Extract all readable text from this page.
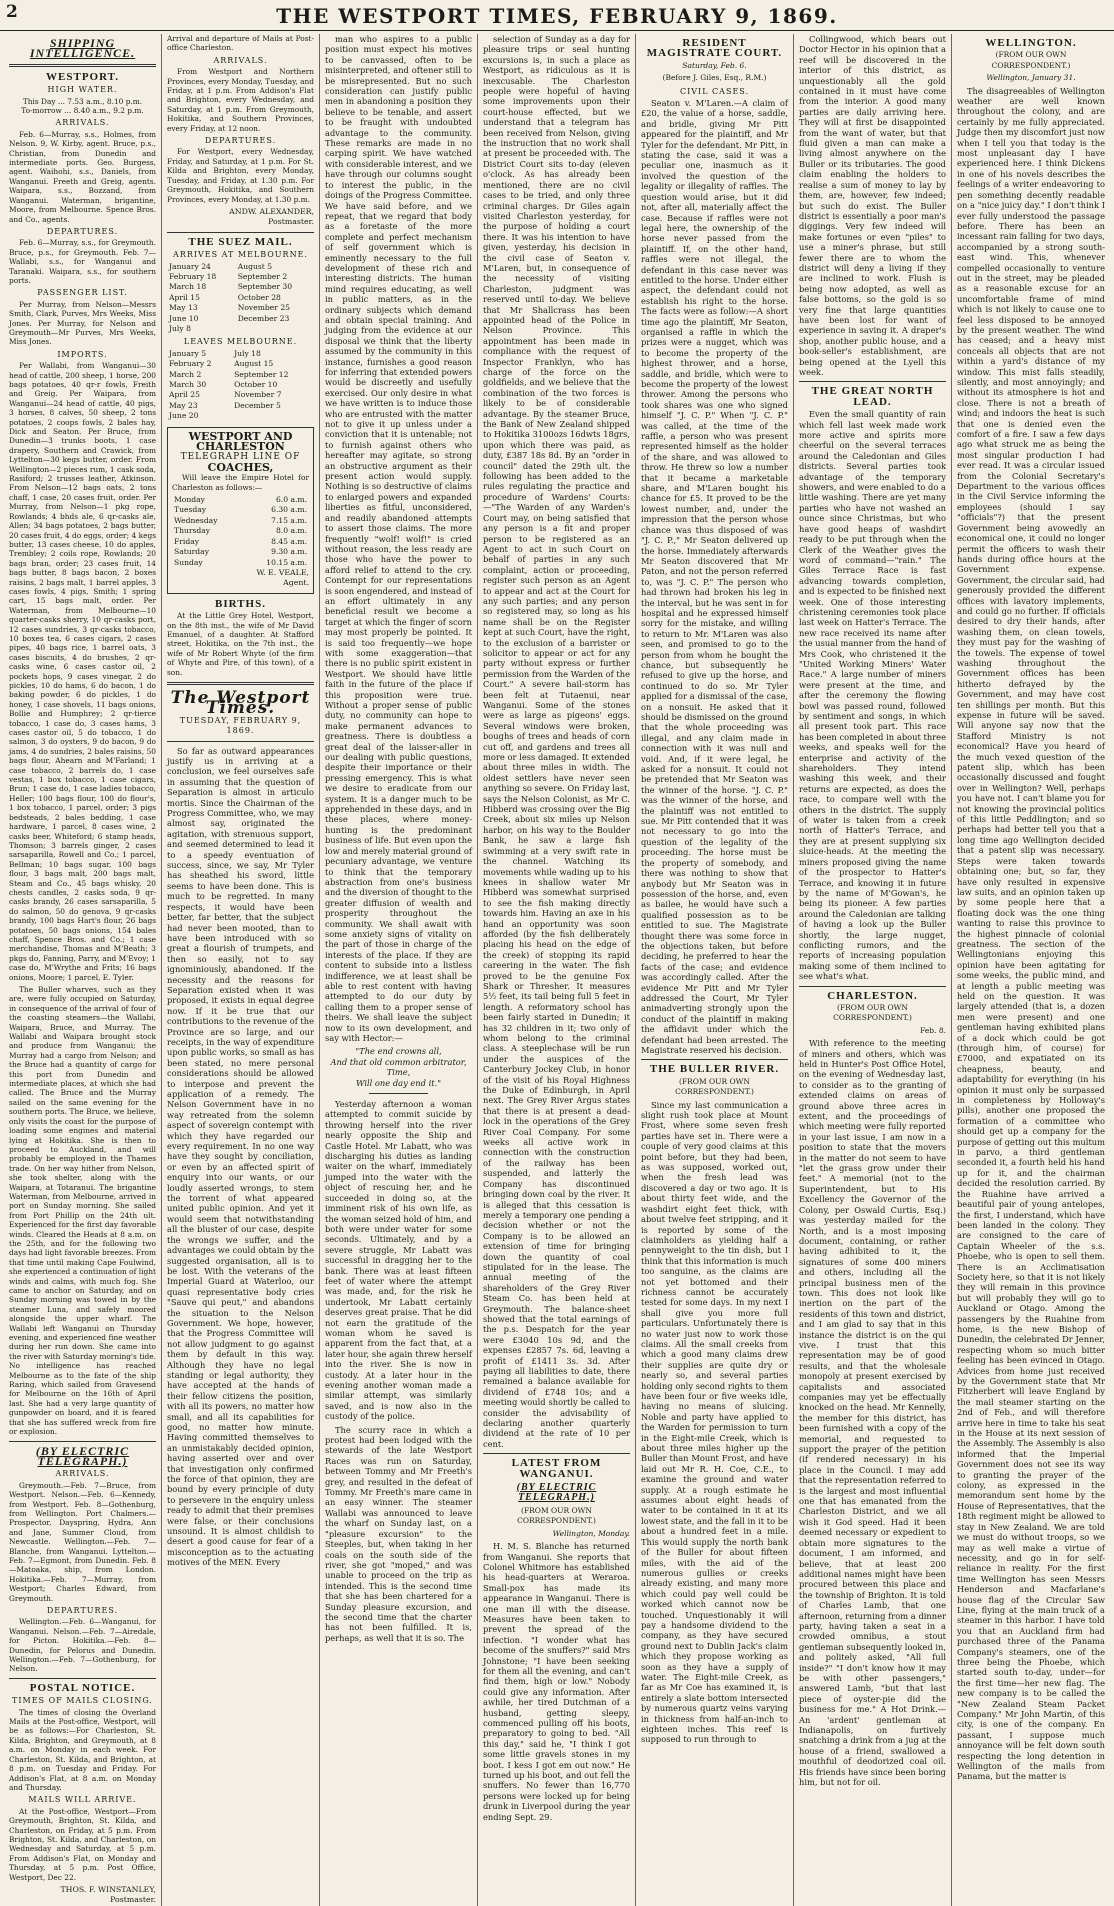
2	THE WESTPORT TIMES, FEBRUARY 9, 1869.
SHIPPING INTELLIGENCE.
WESTPORT.
HIGH WATER.
This Day ... 7.53 a.m., 8.10 p.m.
To-morrow ... 8.40 a.m., 9.2 p.m.
ARRIVALS.

Feb. 6—Murray, s.s., Holmes, from Nelson. 9, W. Kirby, agent. Bruce, p.s., Christian, from Dunedin and intermediate ports. Geo. Burgess, agent. Waihohi, s.s., Daniels, from Wanganui. Freeth and Greig, agents. Waipara, s.s., Bozzand, from Wanganui. Waterman, brigantine, Moore, from Melbourne. Spence Bros. and Co., agents.

DEPARTURES.

Feb. 6—Murray, s.s., for Greymouth. Bruce, p.s., for Greymouth. Feb. 7—Wallabi, s.s., for Wanganui and Taranaki. Waipara, s.s., for southern ports.

PASSENGER LIST.

Per Murray, from Nelson—Messrs Smith, Clark, Purves, Mrs Weeks, Miss Jones. Per Murray, for Nelson and Greymouth—Mr Purves, Mrs Weeks, Miss Jones.

IMPORTS.

Per Wallabi, from Wanganui—30 head of cattle, 200 sheep, 1 horse, 200 bags potatoes, 40 qr-r fowls, Freith and Greig. Per Waipara, from Wanganui—24 head of cattle, 40 pigs, 3 horses, 8 calves, 50 sheep, 2 tons potatoes, 2 coops fowls, 2 bales hay, Dick and Seaton. Per Bruce, from Dunedin—3 trunks boots, 1 case drapery, Southern and Crawick, from Lyttelton—30 kegs butter, order. From Wellington—2 pieces rum, 1 cask soda, Rasiford; 2 trusses leather, Atkinson. From Nelson—12 bags oats, 2 tons chaff, 1 case, 20 cases fruit, order. Per Murray, from Nelson—1 pkg rope, Rowlands; 4 bhds ale, 6 qr-casks ale, Allen; 34 bags potatoes, 2 bags butter, 20 cases fruit, 4 do eggs, order; 4 kegs butter, 13 cases cheese, 10 do apples, Trembley; 2 coils rope, Rowlands; 20 bags bran, order; 23 cases fruit, 14 bags butter, 8 bags bacon, 2 boxes raisins, 2 bags malt, 1 barrel apples, 3 cases fowls, 4 pigs, Smith; 1 spring cart, 15 bags malt, order. Per Waterman, from Melbourne—10 quarter-casks sherry, 10 qr-casks port, 12 cases sundries, 3 qr-casks tobacco, 10 boxes tea, 6 cases cigars, 2 cases pipes, 40 bags rice, 1 barrel oats, 3 cases biscuits, 4 do brushes, 2 qr-casks wine, 6 cases castor oil, 2 pockets hops, 9 cases vinegar, 2 do pickles, 10 do hams, 6 do bacon, 1 do baking powder, 6 do pickles, 1 do honey, 1 case shovels, 11 bags onions, Bollie and Humphrey; 2 qr-tierce tobacco, 1 case do, 3 cases hams, 3 cases castor oil, 5 do tobacco, 1 do salmon, 3 do oysters, 9 do bacon, 9 do jams, 4 do sundries, 2 bales raisins, 50 bags flour, Ahearn and M'Farland; 1 case tobacco, 2 barrels do, 1 case vestas, 1 box tobacco, 1 case cigars, Brun; 1 case do, 1 case ladies tobacco, Heller; 100 bags flour, 100 do flour's, 1 box tobacco, 1 parcel, order; 3 pigs bedsteads, 2 bales bedding, 1 case hardware, 1 parcel, 8 cases wine, 2 casks beer, Whiteford; 6 stamp heads, Thomson; 3 barrels ginger, 2 cases sarsaparilla, Rowell and Co.; 1 parcel, Bellman; 10 bags sugar, 100 bags flour, 3 bags malt, 200 bags malt, Steam and Co., 45 bags whisky, 20 chests candles, 2 casks soda, 9 qr-casks brandy, 26 cases sarsaparilla, 5 do salmon, 50 do genova, 9 qr-casks brandy, 100 bags Hart's flour, 26 bags potatoes, 50 bags onions, 154 bales chaff, Spence Bros. and Co.; 1 case merchandise, Thomas and M'Beath; 3 pkgs do, Fanning, Parry, and M'Evoy; 1 case do, M'Wrythe and Frits; 16 bags onions, Moore; 1 parcel, E. Tyler.

The Buller wharves, such as they are, were fully occupied on Saturday, in consequence of the arrival of four of the coasting steamers—the Wallabi, Waipara, Bruce, and Murray. The Wallabi and Waipara brought stock and produce from Wanganui; the Murray had a cargo from Nelson; and the Bruce had a quantity of cargo for this port from Dunedin and intermediate places, at which she had called. The Bruce and the Murray sailed on the same evening for the southern ports. The Bruce, we believe, only visits the coast for the purpose of loading some engines and material lying at Hokitika. She is then to proceed to Auckland, and will probably be employed in the Thames trade. On her way hither from Nelson, she took shelter, along with the Waipara, at Totaranui. The brigantine Waterman, from Melbourne, arrived in port on Sunday morning. She sailed from Port Phillip on the 24th ult. Experienced for the first day favorable winds. Cleared the Heads at 8 a.m. on the 25th, and for the following two days had light favorable breezes. From that time until making Cape Foulwind, she experienced a continuation of light winds and calms, with much fog. She came to anchor on Saturday, and on Sunday morning was towed in by the steamer Luna, and safely moored alongside the upper wharf. The Wallabi left Wanganui on Thursday evening, and experienced fine weather during her run down. She came into the river with Saturday morning's tide. No intelligence has reached Melbourne as to the fate of the ship Raring, which sailed from Gravesend for Melbourne on the 16th of April last. She had a very large quantity of gunpowder on board, and it is feared that she has suffered wreck from fire or explosion.

(BY ELECTRIC TELEGRAPH.)
ARRIVALS.

Greymouth.—Feb. 7—Bruce, from Westport. Nelson.—Feb. 6—Kennedy, from Westport. Feb. 8—Gothenburg, from Wellington. Port Chalmers.—Prospector, Dayspring, Hydra, Ann and Jane, Summer Cloud, from Newcastle. Wellington.—Feb. 7—Blanche, from Wanganui. Lyttelton.—Feb. 7—Egmont, from Dunedin. Feb. 8—Matoaka, ship, from London. Hokitika.—Feb. 7—Murray, from Westport; Charles Edward, from Greymouth.

DEPARTURES.

Wellington.—Feb. 6—Wanganui, for Wanganui. Nelson.—Feb. 7—Airedale, for Picton. Hokitika.—Feb. 8—Dunedin, for Pelorus and Dunedin. Wellington.—Feb. 7—Gothenburg, for Nelson.

POSTAL NOTICE.
TIMES OF MAILS CLOSING.

The times of closing the Overland Mails at the Post-office, Westport, will be as follows:—For Charleston, St. Kilda, Brighton, and Greymouth, at 8 a.m. on Monday in each week. For Charleston, St. Kilda, and Brighton, at 8 p.m. on Tuesday and Friday. For Addison's Flat, at 8 a.m. on Monday and Thursday.

MAILS WILL ARRIVE.

At the Post-office, Westport—From Greymouth, Brighton, St. Kilda, and Charleston, on Friday, at 5 p.m. From Brighton, St. Kilda, and Charleston, on Wednesday and Saturday, at 5 p.m. From Addison's Flat, on Monday and Thursday, at 5 p.m. Post Office, Westport, Dec 22.

THOS. F. WINSTANLEY,
Postmaster.

Arrival and departure of Mails at Post-office Charleston.

ARRIVALS.

From Westport and Northern Provinces, every Monday, Tuesday, and Friday, at 1 p.m. From Addison's Flat and Brighton, every Wednesday, and Saturday, at 1 p.m. From Greymouth, Hokitika, and Southern Provinces, every Friday, at 12 noon.

DEPARTURES.

For Westport, every Wednesday, Friday, and Saturday, at 1 p.m. For St. Kilda and Brighton, every Monday, Tuesday, and Friday, at 1.30 p.m. For Greymouth, Hokitika, and Southern Provinces, every Monday, at 1.30 p.m.

ANDW. ALEXANDER,
Postmaster.
THE SUEZ MAIL.
ARRIVES AT MELBOURNE.
January 24	August 5
February 18	September 2
March 18	September 30
April 15	October 28
May 13	November 25
June 10	December 23
July 8	
LEAVES MELBOURNE.
January 5	July 18
February 2	August 15
March 2	September 12
March 30	October 10
April 25	November 7
May 23	December 5
June 20	
WESTPORT AND CHARLESTON
TELEGRAPH LINE OF
COACHES,

Will leave the Empire Hotel for Charleston as follows:—

Monday	6.0 a.m.
Tuesday	6.30 a.m.
Wednesday	7.15 a.m.
Thursday	8.0 a.m.
Friday	8.45 a.m.
Saturday	9.30 a.m.
Sunday	10.15 a.m.
W. E. VEALE,
Agent.
BIRTHS.

At the Little Grey Hotel, Westport, on the 8th inst., the wife of Mr David Emanuel, of a daughter. At Stafford street, Hokitika, on the 7th inst., the wife of Mr Robert Whyte (of the firm of Whyte and Pire, of this town), of a son.

The Westport Times.
TUESDAY, FEBRUARY 9, 1869.

So far as outward appearances justify us in arriving at a conclusion, we feel ourselves safe in assuming that the question of Separation is almost in articulo mortis. Since the Chairman of the Progress Committee, who, we may almost say, originated the agitation, with strenuous support, and seemed determined to lead it to a speedy eventuation of success, since, we say, Mr Tyler has sheathed his sword, little seems to have been done. This is much to be regretted. In many respects, it would have been better, far better, that the subject had never been mooted, than to have been introduced with so great a flourish of trumpets, and then so easily, not to say ignominiously, abandoned. If the necessity and the reasons for Separation existed when it was proposed, it exists in equal degree now. If it be true that our contributions to the revenue of the Province are so large, and our receipts, in the way of expenditure upon public works, so small as has been stated, no mere personal considerations should be allowed to interpose and prevent the application of a remedy. The Nelson Government have in no way retreated from the solemn aspect of sovereign contempt with which they have regarded our every requirement. In no one way have they sought by conciliation, or even by an affected spirit of enquiry into our wants, or our loudly asserted wrongs, to stem the torrent of what appeared united public opinion. And yet it would seem that notwithstanding all the bluster of our case, despite the wrongs we suffer, and the advantages we could obtain by the suggested organisation, all is to be lost. With the veterans of the Imperial Guard at Waterloo, our quasi representative body cries "Sauve qui peut," and abandons the situation to the Nelson Government. We hope, however, that the Progress Committee will not allow judgment to go against them by default in this way. Although they have no legal standing or legal authority, they have accepted at the hands of their fellow citizens the position, with all its powers, no matter how small, and all its capabilities for good, no matter how minute. Having committed themselves to an unmistakably decided opinion, having asserted over and over that investigation only confirmed the force of that opinion, they are bound by every principle of duty to persevere in the enquiry unless ready to admit that their premises were false, or their conclusions unsound. It is almost childish to desert a good cause for fear of a misconception as to the actuating motives of the MEN. Every

man who aspires to a public position must expect his motives to be canvassed, often to be misinterpreted, and oftener still to be misrepresented. But no such consideration can justify public men in abandoning a position they believe to be tenable, and assert to be fraught with undoubted advantage to the community. These remarks are made in no carping spirit. We have watched with considerable interest, and we have through our columns sought to interest the public, in the doings of the Progress Committee. We have said before, and we repeat, that we regard that body as a foretaste of the more complete and perfect mechanism of self government which is eminently necessary to the full development of these rich and interesting districts. The human mind requires educating, as well in public matters, as in the ordinary subjects which demand and obtain special training. And judging from the evidence at our disposal we think that the liberty assumed by the community in this instance, furnishes a good reason for inferring that extended powers would be discreetly and usefully exercised. Our only desire in what we have written is to induce those who are entrusted with the matter not to give it up unless under a conviction that it is untenable; not to furnish against others who hereafter may agitate, so strong an obstructive argument as their present action would supply. Nothing is so destructive of claims to enlarged powers and expanded liberties as fitful, unconsidered, and readily abandoned attempts to assert those claims. The more frequently "wolf! wolf!" is cried without reason, the less ready are those who have the power to afford relief to attend to the cry. Contempt for our representations is soon engendered, and instead of an effort ultimately in any beneficial result we become a target at which the finger of scorn may most properly be pointed. It is said too frequently—we hope with some exaggeration—that there is no public spirit existent in Westport. We should have little faith in the future of the place if this proposition were true. Without a proper sense of public duty, no community can hope to make permanent advances to greatness. There is doubtless a great deal of the laisser-aller in our dealing with public questions, despite their importance or their pressing emergency. This is what we desire to eradicate from our system. It is a danger much to be apprehended in these days, and in these places, where money-hunting is the predominant business of life. But even upon the low and merely material ground of pecuniary advantage, we venture to think that the temporary abstraction from one's business and the diversion of thought to the greater diffusion of wealth and prosperity throughout the community. We shall await with some anxiety signs of vitality on the part of those in charge of the interests of the place. If they are content to subside into a listless indifference, we at least shall be able to rest content with having attempted to do our duty by calling them to a proper sense of theirs. We shall leave the subject now to its own development, and say with Hector:—

"The end crowns all,
And that old common arbitrator, Time,
Will one day end it."

Yesterday afternoon a woman attempted to commit suicide by throwing herself into the river nearly opposite the Ship and Castle Hotel. Mr Labatt, who was discharging his duties as landing waiter on the wharf, immediately jumped into the water with the object of rescuing her, and he succeeded in doing so, at the imminent risk of his own life, as the woman seized hold of him, and both were under water for some seconds. Ultimately, and by a severe struggle, Mr Labatt was successful in dragging her to the bank. There was at least fifteen feet of water where the attempt was made, and, for the risk he undertook, Mr Labatt certainly deserves great praise. That he did not earn the gratitude of the woman whom he saved is apparent from the fact that, at a later hour, she again threw herself into the river. She is now in custody. At a later hour in the evening another woman made a similar attempt, was similarly saved, and is now also in the custody of the police.

The scurry race in which a protest had been lodged with the stewards of the late Westport Races was run on Saturday, between Tommy and Mr Freeth's grey, and resulted in the defeat of Tommy. Mr Freeth's mare came in an easy winner. The steamer Wallabi was announced to leave the wharf on Sunday last, on a "pleasure excursion" to the Steeples, but, when taking in her coals on the south side of the river, she got "moped," and was unable to proceed on the trip as intended. This is the second time that she has been chartered for a Sunday pleasure excursion, and the second time that the charter has not been fulfilled. It is, perhaps, as well that it is so. The

selection of Sunday as a day for pleasure trips or seal hunting excursions is, in such a place as Westport, as ridiculous as it is inexcusable. The Charleston people were hopeful of having some improvements upon their court-house effected, but we understand that a telegram has been received from Nelson, giving the instruction that no work shall at present be proceeded with. The District Court sits to-day (eleven o'clock. As has already been mentioned, there are no civil cases to be tried, and only three criminal charges. Dr Giles again visited Charleston yesterday, for the purpose of holding a court there. It was his intention to have given, yesterday, his decision in the civil case of Seaton v. M'Laren, but, in consequence of the necessity of visiting Charleston, judgment was reserved until to-day. We believe that Mr Shallcrass has been appointed head of the Police in Nelson Province. This appointment has been made in compliance with the request of Inspector Franklyn, who has charge of the force on the goldfields, and we believe that the combination of the two forces is likely to be of considerable advantage. By the steamer Bruce, the Bank of New Zealand shipped to Hokitika 3100ozs 16dwts 18grs, upon which there was paid, as duty, £387 18s 8d. By an "order in council" dated the 29th ult. the following has been added to the rules regulating the practice and procedure of Wardens' Courts:—"The Warden of any Warden's Court may, on being satisfied that any person is a fit and proper person to be registered as an Agent to act in such Court on behalf of parties in any such complaint, action or proceeding, register such person as an Agent to appear and act at the Court for any such parties; and any person so registered may, so long as his name shall be on the Register kept at such Court, have the right, to the exclusion of a barrister or solicitor to appear or act for any party without express or further permission from the Warden of the Court." A severe hail-storm has been felt at Tutaenui, near Wanganui. Some of the stones were as large as pigeons' eggs. Several windows were broken, boughs of trees and heads of corn cut off, and gardens and trees all more or less damaged. It extended about three miles in width. The oldest settlers have never seen anything so severe. On Friday last, says the Nelson Colonist, as Mr C. Hibberd was crossing over the Big Creek, about six miles up Nelson harbor, on his way to the Boulder Bank, he saw a large fish swimming at a very swift rate in the channel. Watching its movements while wading up to his knees in shallow water Mr Hibberd was somewhat surprised to see the fish making directly towards him. Having an axe in his hand an opportunity was soon afforded (by the fish deliberately placing his head on the edge of the creek) of stopping its rapid careering in the water. The fish proved to be the genuine Fox Shark or Thresher. It measures 5½ feet, its tail being full 5 feet in length. A reformatory school has been fairly started in Dunedin; it has 32 children in it; two only of whom belong to the criminal class. A steeplechase will be run under the auspices of the Canterbury Jockey Club, in honor of the visit of his Royal Highness the Duke of Edinburgh, in April next. The Grey River Argus states that there is at present a dead-lock in the operations of the Grey River Coal Company. For some weeks all active work in connection with the construction of the railway has been suspended, and latterly the Company has discontinued bringing down coal by the river. It is alleged that this cessation is merely a temporary one pending a decision whether or not the Company is to be allowed an extension of time for bringing down the quantity of coal stipulated for in the lease. The annual meeting of the shareholders of the Grey River Steam Co. has been held at Greymouth. The balance-sheet showed that the total earnings of the p.s. Despatch for the year were £3040 10s 9d, and the expenses £2857 7s. 6d, leaving a profit of £1411 3s. 3d. After paying all liabilities to date, there remained a balance available for dividend of £748 10s; and a meeting would shortly be called to consider the advisability of declaring another quarterly dividend at the rate of 10 per cent.

LATEST FROM WANGANUI.
(BY ELECTRIC TELEGRAPH.)
(FROM OUR OWN CORRESPONDENT.)
Wellington, Monday.

H. M. S. Blanche has returned from Wanganui. She reports that Colonel Whitmore has established his head-quarters at Weraroa. Small-pox has made its appearance in Wanganui. There is one man ill with the disease. Measures have been taken to prevent the spread of the infection. "I wonder what has become of the snuffers?" said Mrs Johnstone; "I have been seeking for them all the evening, and can't find them, high or low." Nobody could give any information. After awhile, her tired Dutchman of a husband, getting sleepy, commenced pulling off his boots, preparatory to going to bed. "All this day," said he, "I think I got some little gravels stones in my boot. I kess I got em out now." He turned up his boot, and out fell the snuffers. No fewer than 16,770 persons were locked up for being drunk in Liverpool during the year ending Sept. 29.

RESIDENT MAGISTRATE COURT.
Saturday, Feb. 6.
(Before J. Giles, Esq., R.M.)
CIVIL CASES.

Seaton v. M'Laren.—A claim of £20, the value of a horse, saddle, and bridle, giving Mr Pitt appeared for the plaintiff, and Mr Tyler for the defendant. Mr Pitt, in stating the case, said it was a peculiar one, inasmuch as it involved the question of the legality or illegality of raffles. The question would arise, but it did not, after all, materially affect the case. Because if raffles were not legal here, the ownership of the horse never passed from the plaintiff. If, on the other hand, raffles were not illegal, the defendant in this case never was entitled to the horse. Under either aspect, the defendant could not establish his right to the horse. The facts were as follow:—A short time ago the plaintiff, Mr Seaton, organised a raffle in which the prizes were a nugget, which was to become the property of the highest thrower, and a horse, saddle, and bridle, which were to become the property of the lowest thrower. Among the persons who took shares was one who signed himself "J. C. P." When "J. C. P." was called, at the time of the raffle, a person who was present represented himself as the holder of the share, and was allowed to throw. He threw so low a number that it became a marketable share, and M'Laren bought his chance for £5. It proved to be the lowest number, and, under the impression that the person whose chance was thus disposed of was "J. C. P.," Mr Seaton delivered up the horse. Immediately afterwards Mr Seaton discovered that Mr Paton, and not the person referred to, was "J. C. P." The person who had thrown had broken his leg in the interval, but he was sent in for hospital and he expressed himself sorry for the mistake, and willing to return to Mr. M'Laren was also seen, and promised to go to the person from whom he bought the chance, but subsequently he refused to give up the horse, and continued to do so. Mr Tyler applied for a dismissal of the case, on a nonsuit. He asked that it should be dismissed on the ground that the whole proceeding was illegal, and any claim made in connection with it was null and void. And, if it were legal, he asked for a nonsuit. It could not be pretended that Mr Seaton was the winner of the horse. "J. C. P." was the winner of the horse, and the plaintiff was not entitled to sue. Mr Pitt contended that it was not necessary to go into the question of the legality of the proceeding. The horse must be the property of somebody, and there was nothing to show that anybody but Mr Seaton was in possession of the horse, and, even as bailee, he would have such a qualified possession as to be entitled to sue. The Magistrate thought there was some force in the objections taken, but before deciding, he preferred to hear the facts of the case; and evidence was accordingly called. After the evidence Mr Pitt and Mr Tyler addressed the Court, Mr Tyler animadverting strongly upon the conduct of the plaintiff in making the affidavit under which the defendant had been arrested. The Magistrate reserved his decision.

THE BULLER RIVER.
(FROM OUR OWN CORRESPONDENT.)

Since my last communication a slight rush took place at Mount Frost, where some seven fresh parties have set in. There were a couple of very good claims at this point before, but they had been, as was supposed, worked out, when the fresh lead was discovered a day or two ago. It is about thirty feet wide, and the washdirt eight feet thick, with about twelve feet stripping, and it is reported by some of the claimholders as yielding half a pennyweight to the tin dish, but I think that this information is much too sanguine, as the claims are not yet bottomed and their richness cannot be accurately tested for some days. In my next I shall give you more full particulars. Unfortunately there is no water just now to work those claims. All the small creeks from which a good many claims drew their supplies are quite dry or nearly so, and several parties holding only second rights to them have been four or five weeks idle, having no means of sluicing. Noble and party have applied to the Warden for permission to turn in the Eight-mile Creek, which is about three miles higher up the Buller than Mount Frost, and have laid out Mr R. H. Coe, C.E., to examine the ground and water supply. At a rough estimate he assumes about eight heads of water to be contained in it at its lowest state, and the fall in it to be about a hundred feet in a mile. This would supply the north bank of the Buller for about fifteen miles, with the aid of the numerous gullies or creeks already existing, and many more which could pay well could be worked which cannot now be touched. Unquestionably it will pay a handsome dividend to the company, as they have secured ground next to Dublin Jack's claim which they propose working as soon as they have a supply of water. The Eight-mile Creek, as far as Mr Coe has examined it, is entirely a slate bottom intersected by numerous quartz veins varying in thickness from half-an-inch to eighteen inches. This reef is supposed to run through to

Collingwood, which bears out Doctor Hector in his opinion that a reef will be discovered in the interior of this district, as unquestionably all the gold contained in it must have come from the interior. A good many parties are daily arriving here. They will at first be disappointed from the want of water, but that fluid given a man can make a living almost anywhere on the Buller or its tributaries. The good claim enabling the holders to realise a sum of money to lay by them, are, however, few indeed; but such do exist. The Buller district is essentially a poor man's diggings. Very few indeed will make fortunes or even "piles" to use a miner's phrase, but still fewer there are to whom the district will deny a living if they are inclined to work. Flush is being now adopted, as well as false bottoms, so the gold is so very fine that large quantities have been lost for want of experience in saving it. A draper's shop, another public house, and a book-seller's establishment, are being opened at the Lyell this week.

THE GREAT NORTH LEAD.

Even the small quantity of rain which fell last week made work more active and spirits more cheerful on the several terraces around the Caledonian and Giles districts. Several parties took advantage of the temporary showers, and were enabled to do a little washing. There are yet many parties who have not washed an ounce since Christmas, but who have good heaps of washdirt ready to be put through when the Clerk of the Weather gives the word of command—"rain." The Giles Terrace Race is fast advancing towards completion, and is expected to be finished next week. One of those interesting christening ceremonies took place last week on Hatter's Terrace. The new race received its name after the usual manner from the hand of Mrs Cook, who christened it the "United Working Miners' Water Race." A large number of miners were present at the time, and after the ceremony the flowing bowl was passed round, followed by sentiment and songs, in which all present took part. This race has been completed in about three weeks, and speaks well for the enterprise and activity of the shareholders. They intend washing this week, and their returns are expected, as does the race, to compare well with the others in the district. The supply of water is taken from a creek north of Hatter's Terrace, and they are at present supplying six sluice-heads. At the meeting the miners proposed giving the name of the prospector to Hatter's Terrace, and knowing it in future by the name of M'Gowan's, he being its pioneer. A few parties around the Caledonian are talking of having a look up the Buller shortly, the large nugget, conflicting rumors, and the reports of increasing population making some of them inclined to see what's what.

CHARLESTON.
(FROM OUR OWN CORRESPONDENT.)
Feb. 8.

With reference to the meeting of miners and others, which was held in Hunter's Post Office Hotel, on the evening of Wednesday last, to consider as to the granting of extended claims on areas of ground above three acres in extent, and the proceedings of which meeting were fully reported in your last issue, I am now in a position to state that the movers in the matter do not seem to have "let the grass grow under their feet." A memorial (not to the Superintendent, but to His Excellency the Governor of the Colony, per Oswald Curtis, Esq.) was yesterday mailed for the North, and is a most imposing document, containing, or rather having adhibited to it, the signatures of some 400 miners and others, including all the principal business men of the town. This does not look like inertion on the part of the residents of this town and district, and I am glad to say that in this instance the district is on the qui vive. I trust that this representation may be of good results, and that the wholesale monopoly at present exercised by capitalists and associated companies may yet be effectually knocked on the head. Mr Kennelly, the member for this district, has been furnished with a copy of the memorial, and requested to support the prayer of the petition (if rendered necessary) in his place in the Council. I may add that the representation referred to is the largest and most influential one that has emanated from the Charleston District, and we all wish it God speed. Had it been deemed necessary or expedient to obtain more signatures to the document, I am informed, and believe, that at least 200 additional names might have been procured between this place and the township of Brighton. It is told of Charles Lamb, that one afternoon, returning from a dinner party, having taken a seat in a crowded omnibus, a stout gentleman subsequently looked in, and politely asked, "All full inside?" "I don't know how it may be with other passengers," answered Lamb, "but that last piece of oyster-pie did the business for me." A Hot Drink.—An 'ardent' gentleman at Indianapolis, on furtively snatching a drink from a jug at the house of a friend, swallowed a mouthful of deodorized coal oil. His friends have since been boring him, but not for oil.

WELLINGTON.
(FROM OUR OWN CORRESPONDENT.)
Wellington, January 31.

The disagreeables of Wellington weather are well known throughout the colony, and are certainly by me fully appreciated. Judge then my discomfort just now when I tell you that today is the most unpleasant day I have experienced here. I think Dickens in one of his novels describes the feelings of a writer endeavoring to pen something decently readable on a "nice juicy day." I don't think I ever fully understood the passage before. There has been an incessant rain falling for two days, accompanied by a strong south-east wind. This, whenever compelled occasionally to venture out in the street, may be pleaded as a reasonable excuse for an uncomfortable frame of mind which is not likely to cause one to feel less disposed to be annoyed by the present weather. The wind has ceased; and a heavy mist conceals all objects that are not within a yard's distance of my window. This mist falls steadily, silently, and most annoyingly; and without its atmosphere is hot and close. There is not a breath of wind; and indoors the heat is such that one is denied even the comfort of a fire. I saw a few days ago what struck me as being the most singular production I had ever read. It was a circular issued from the Colonial Secretary's Department to the various offices in the Civil Service informing the employees (should I say "officials"?) that the present Government being avowedly an economical one, it could no longer permit the officers to wash their hands during office hours at the Government expense. Government, the circular said, had generously provided the different offices with lavatory implements, and could go no further. If officials desired to dry their hands, after washing them, on clean towels, they must pay for the washing of the towels. The expense of towel washing throughout the Government offices has been hitherto defrayed by the Government, and may have cost ten shillings per month. But this expense in future will be saved. Will anyone say now that the Stafford Ministry is not economical? Have you heard of the much vexed question of the patent slip, which has been occasionally discussed and fought over in Wellington? Well, perhaps you have not. I can't blame you for not knowing the provincial politics of this little Peddlington; and so perhaps had better tell you that a long time ago Wellington decided that a patent slip was necessary. Steps were taken towards obtaining one; but, so far, they have only resulted in expensive law suits, and an opinion taken up by some people here that a floating dock was the one thing wanting to raise this province to the highest pinnacle of colonial greatness. The section of the Wellingtonians enjoying this opinion have been agitating for some weeks, the public mind, and at length a public meeting was held on the question. It was largely attended (that is, a dozen men were present) and one gentleman having exhibited plans of a dock which could be got (through him, of course) for £7000, and expatiated on its cheapness, beauty, and adaptability for everything (in his opinion it must only be surpassed in completeness by Holloway's pills), another one proposed the formation of a committee who should get up a company for the purpose of getting out this multum in parvo, a third gentleman seconded it, a fourth held his hand up for it, and the chairman decided the resolution carried. By the Ruahine have arrived a beautiful pair of young antelopes, the first, I understand, which have been landed in the colony. They are consigned to the care of Captain Wheeler of the s.s. Phoebe, who is open to sell them. There is an Acclimatisation Society here, so that it is not likely they will remain in this province but will probably they will go to Auckland or Otago. Among the passengers by the Ruahine from home, is the new Bishop of Dunedin, the celebrated Dr Jenner, respecting whom so much bitter feeling has been evinced in Otago. Advices from home just received by the Government state that Mr Fitzherbert will leave England by the mail steamer starting on the 2nd of Feb., and will therefore arrive here in time to take his seat in the House at its next session of the Assembly. The Assembly is also informed that the Imperial Government does not see its way to granting the prayer of the colony, as expressed in the memorandum sent home by the House of Representatives, that the 18th regiment might be allowed to stay in New Zealand. We are told we must do without troops, so we may as well make a virtue of necessity, and go in for self-reliance in reality. For the first time Wellington has seen Messrs Henderson and Macfarlane's house flag of the Circular Saw Line, flying at the main truck of a steamer in this harbor. I have told you that an Auckland firm had purchased three of the Panama Company's steamers, one of the three being the Phoebe, which started south to-day, under—for the first time—her new flag. The new company is to be called the "New Zealand Steam Packet Company." Mr John Martin, of this city, is one of the company. En passant, I suppose much annoyance will be felt down south respecting the long detention in Wellington of the mails from Panama, but the matter is
